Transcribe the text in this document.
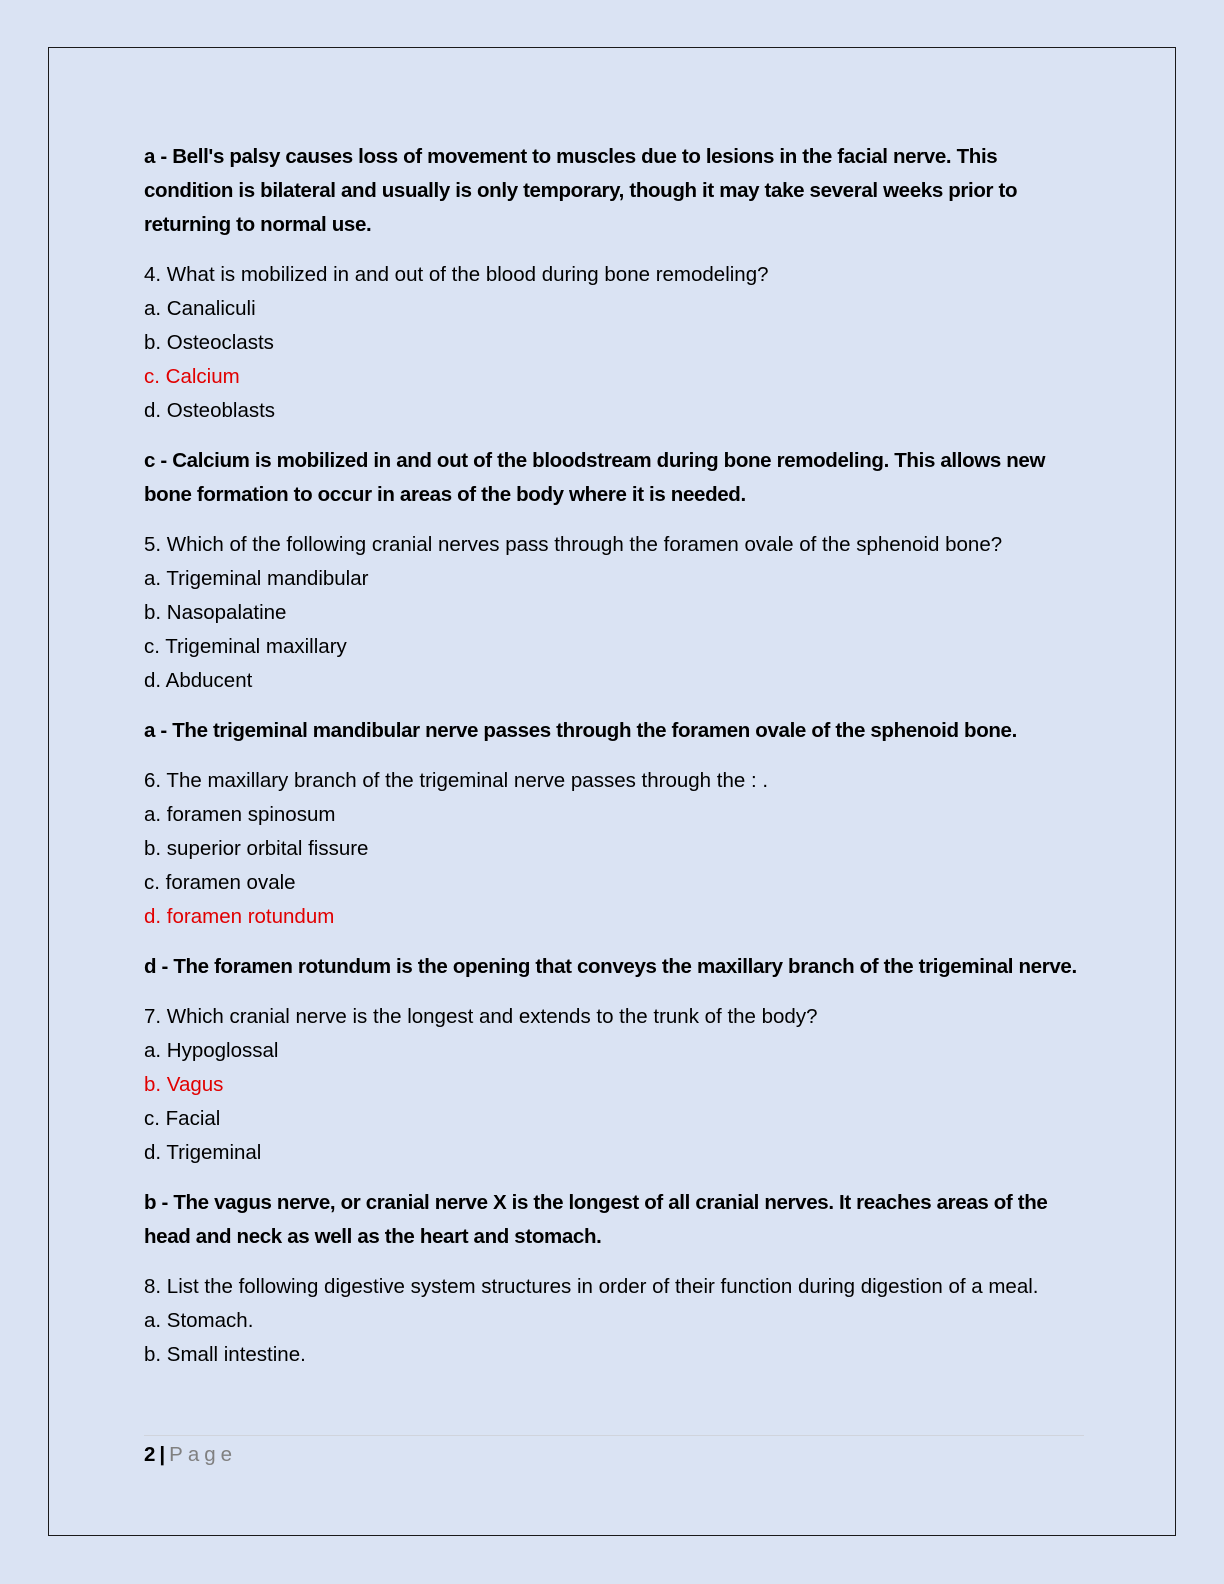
a - Bell's palsy causes loss of movement to muscles due to lesions in the facial nerve. This condition is bilateral and usually is only temporary, though it may take several weeks prior to returning to normal use.

4. What is mobilized in and out of the blood during bone remodeling?

a. Canaliculi

b. Osteoclasts

c. Calcium

d. Osteoblasts

c - Calcium is mobilized in and out of the bloodstream during bone remodeling. This allows new bone formation to occur in areas of the body where it is needed.

5. Which of the following cranial nerves pass through the foramen ovale of the sphenoid bone?

a. Trigeminal mandibular

b. Nasopalatine

c. Trigeminal maxillary

d. Abducent

a - The trigeminal mandibular nerve passes through the foramen ovale of the sphenoid bone.

6. The maxillary branch of the trigeminal nerve passes through the : .

a. foramen spinosum

b. superior orbital fissure

c. foramen ovale

d. foramen rotundum

d - The foramen rotundum is the opening that conveys the maxillary branch of the trigeminal nerve.

7. Which cranial nerve is the longest and extends to the trunk of the body?

a. Hypoglossal

b. Vagus

c. Facial

d. Trigeminal

b - The vagus nerve, or cranial nerve X is the longest of all cranial nerves. It reaches areas of the head and neck as well as the heart and stomach.

8. List the following digestive system structures in order of their function during digestion of a meal.

a. Stomach.

b. Small intestine.

2 | Page
